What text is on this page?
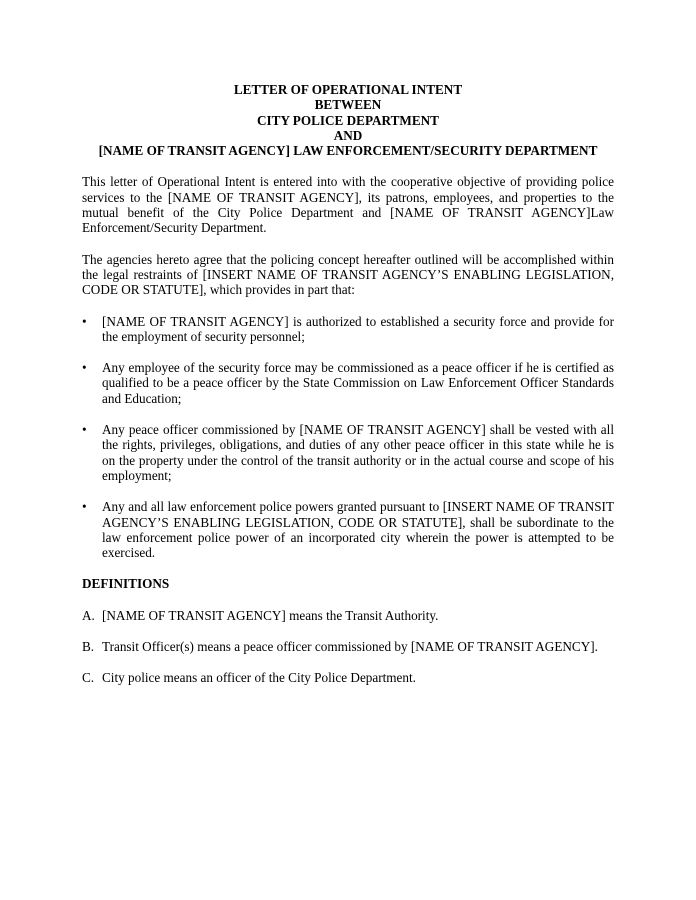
LETTER OF OPERATIONAL INTENT
BETWEEN
CITY POLICE DEPARTMENT
AND
[NAME OF TRANSIT AGENCY] LAW ENFORCEMENT/SECURITY DEPARTMENT

This letter of Operational Intent is entered into with the cooperative objective of providing police services to the [NAME OF TRANSIT AGENCY], its patrons, employees, and properties to the mutual benefit of the City Police Department and [NAME OF TRANSIT AGENCY]Law Enforcement/Security Department.

The agencies hereto agree that the policing concept hereafter outlined will be accomplished within the legal restraints of [INSERT NAME OF TRANSIT AGENCY’S ENABLING LEGISLATION, CODE OR STATUTE], which provides in part that:

•	[NAME OF TRANSIT AGENCY] is authorized to established a security force and provide for the employment of security personnel;
•	Any employee of the security force may be commissioned as a peace officer if he is certified as qualified to be a peace officer by the State Commission on Law Enforcement Officer Standards and Education;
•	Any peace officer commissioned by [NAME OF TRANSIT AGENCY] shall be vested with all the rights, privileges, obligations, and duties of any other peace officer in this state while he is on the property under the control of the transit authority or in the actual course and scope of his employment;
•	Any and all law enforcement police powers granted pursuant to [INSERT NAME OF TRANSIT AGENCY’S ENABLING LEGISLATION, CODE OR STATUTE], shall be subordinate to the law enforcement police power of an incorporated city wherein the power is attempted to be exercised.
DEFINITIONS
A. [NAME OF TRANSIT AGENCY] means the Transit Authority.
B. Transit Officer(s) means a peace officer commissioned by [NAME OF TRANSIT AGENCY].
C. City police means an officer of the City Police Department.
